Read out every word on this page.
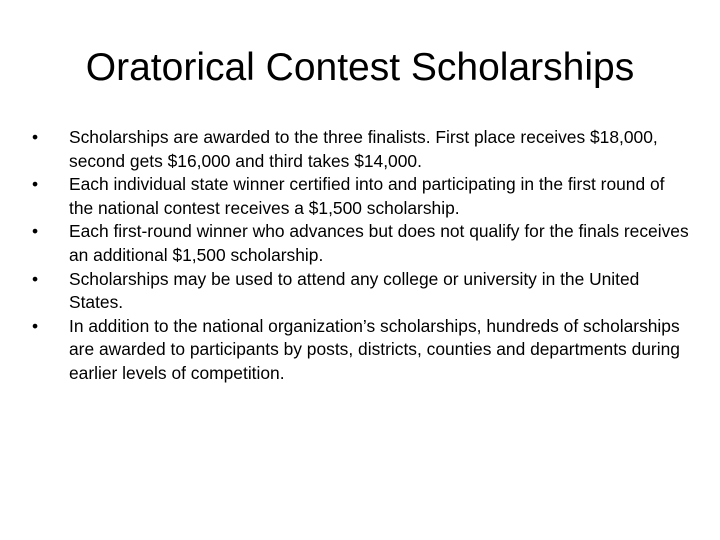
Oratorical Contest Scholarships
•	Scholarships are awarded to the three finalists. First place receives $18,000, second gets $16,000 and third takes $14,000.
•	Each individual state winner certified into and participating in the first round of the national contest receives a $1,500 scholarship.
•	Each first-round winner who advances but does not qualify for the finals receives an additional $1,500 scholarship.
•	Scholarships may be used to attend any college or university in the United States.
•	In addition to the national organization’s scholarships, hundreds of scholarships are awarded to participants by posts, districts, counties and departments during earlier levels of competition.
